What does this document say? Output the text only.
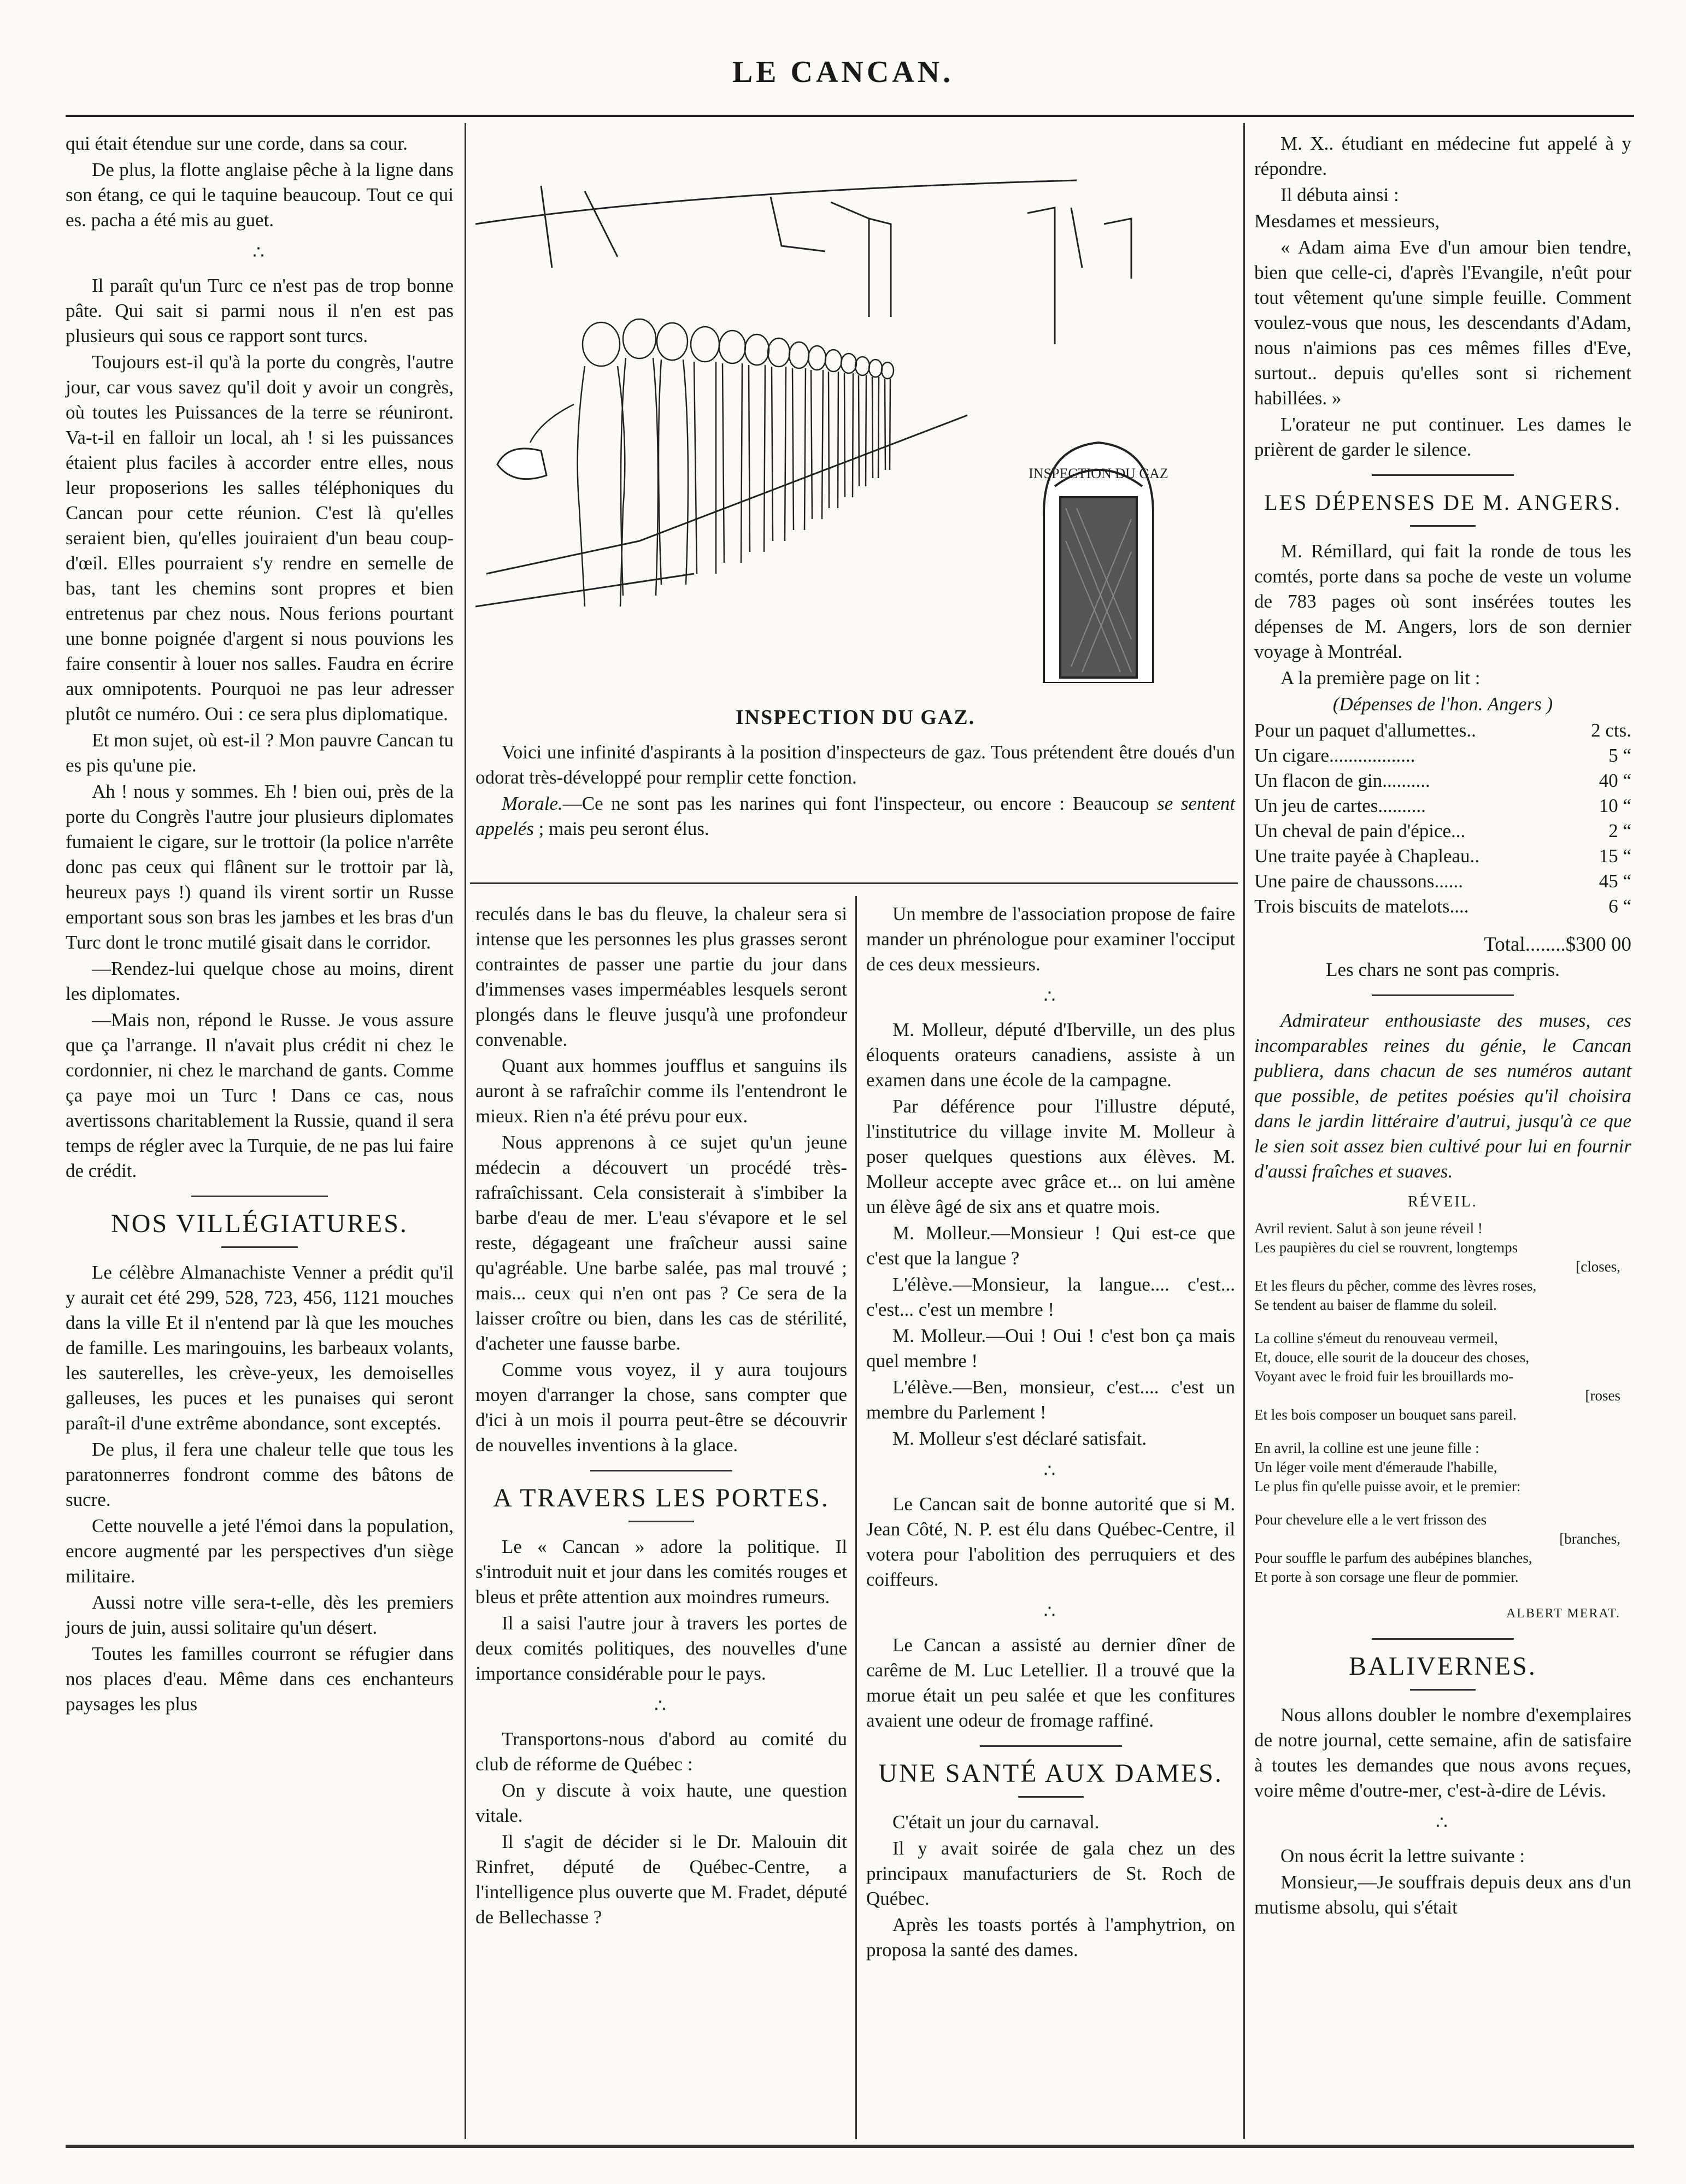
LE CANCAN.

qui était étendue sur une corde, dans sa cour.

De plus, la flotte anglaise pêche à la ligne dans son étang, ce qui le taquine beaucoup. Tout ce qui es. pacha a été mis au guet.

∴

Il paraît qu'un Turc ce n'est pas de trop bonne pâte. Qui sait si parmi nous il n'en est pas plusieurs qui sous ce rapport sont turcs.

Toujours est-il qu'à la porte du congrès, l'autre jour, car vous savez qu'il doit y avoir un congrès, où toutes les Puissances de la terre se réuniront. Va-t-il en falloir un local, ah ! si les puissances étaient plus faciles à accorder entre elles, nous leur proposerions les salles téléphoniques du Cancan pour cette réunion. C'est là qu'elles seraient bien, qu'elles jouiraient d'un beau coup-d'œil. Elles pourraient s'y rendre en semelle de bas, tant les chemins sont propres et bien entretenus par chez nous. Nous ferions pourtant une bonne poignée d'argent si nous pouvions les faire consentir à louer nos salles. Faudra en écrire aux omnipotents. Pourquoi ne pas leur adresser plutôt ce numéro. Oui : ce sera plus diplomatique.

Et mon sujet, où est-il ? Mon pauvre Cancan tu es pis qu'une pie.

Ah ! nous y sommes. Eh ! bien oui, près de la porte du Congrès l'autre jour plusieurs diplomates fumaient le cigare, sur le trottoir (la police n'arrête donc pas ceux qui flânent sur le trottoir par là, heureux pays !) quand ils virent sortir un Russe emportant sous son bras les jambes et les bras d'un Turc dont le tronc mutilé gisait dans le corridor.

—Rendez-lui quelque chose au moins, dirent les diplomates.

—Mais non, répond le Russe. Je vous assure que ça l'arrange. Il n'avait plus crédit ni chez le cordonnier, ni chez le marchand de gants. Comme ça paye moi un Turc ! Dans ce cas, nous avertissons charitablement la Russie, quand il sera temps de régler avec la Turquie, de ne pas lui faire de crédit.

NOS VILLÉGIATURES.

Le célèbre Almanachiste Venner a prédit qu'il y aurait cet été 299, 528, 723, 456, 1121 mouches dans la ville Et il n'entend par là que les mouches de famille. Les maringouins, les barbeaux volants, les sauterelles, les crève-yeux, les demoiselles galleuses, les puces et les punaises qui seront paraît-il d'une extrême abondance, sont exceptés.

De plus, il fera une chaleur telle que tous les paratonnerres fondront comme des bâtons de sucre.

Cette nouvelle a jeté l'émoi dans la population, encore augmenté par les perspectives d'un siège militaire.

Aussi notre ville sera-t-elle, dès les premiers jours de juin, aussi solitaire qu'un désert.

Toutes les familles courront se réfugier dans nos places d'eau. Même dans ces enchanteurs paysages les plus

INSPECTION DU GAZ
INSPECTION DU GAZ.

Voici une infinité d'aspirants à la position d'inspecteurs de gaz. Tous prétendent être doués d'un odorat très-développé pour remplir cette fonction.

Morale.—Ce ne sont pas les narines qui font l'inspecteur, ou encore : Beaucoup se sentent appelés ; mais peu seront élus.

reculés dans le bas du fleuve, la chaleur sera si intense que les personnes les plus grasses seront contraintes de passer une partie du jour dans d'immenses vases imperméables lesquels seront plongés dans le fleuve jusqu'à une profondeur convenable.

Quant aux hommes joufflus et sanguins ils auront à se rafraîchir comme ils l'entendront le mieux. Rien n'a été prévu pour eux.

Nous apprenons à ce sujet qu'un jeune médecin a découvert un procédé très-rafraîchissant. Cela consisterait à s'imbiber la barbe d'eau de mer. L'eau s'évapore et le sel reste, dégageant une fraîcheur aussi saine qu'agréable. Une barbe salée, pas mal trouvé ; mais... ceux qui n'en ont pas ? Ce sera de la laisser croître ou bien, dans les cas de stérilité, d'acheter une fausse barbe.

Comme vous voyez, il y aura toujours moyen d'arranger la chose, sans compter que d'ici à un mois il pourra peut-être se découvrir de nouvelles inventions à la glace.

A TRAVERS LES PORTES.

Le « Cancan » adore la politique. Il s'introduit nuit et jour dans les comités rouges et bleus et prête attention aux moindres rumeurs.

Il a saisi l'autre jour à travers les portes de deux comités politiques, des nouvelles d'une importance considérable pour le pays.

∴

Transportons-nous d'abord au comité du club de réforme de Québec :

On y discute à voix haute, une question vitale.

Il s'agit de décider si le Dr. Malouin dit Rinfret, député de Québec-Centre, a l'intelligence plus ouverte que M. Fradet, député de Bellechasse ?

Un membre de l'association propose de faire mander un phrénologue pour examiner l'occiput de ces deux messieurs.

∴

M. Molleur, député d'Iberville, un des plus éloquents orateurs canadiens, assiste à un examen dans une école de la campagne.

Par déférence pour l'illustre député, l'institutrice du village invite M. Molleur à poser quelques questions aux élèves. M. Molleur accepte avec grâce et... on lui amène un élève âgé de six ans et quatre mois.

M. Molleur.—Monsieur ! Qui est-ce que c'est que la langue ?

L'élève.—Monsieur, la langue.... c'est... c'est... c'est un membre !

M. Molleur.—Oui ! Oui ! c'est bon ça mais quel membre !

L'élève.—Ben, monsieur, c'est.... c'est un membre du Parlement !

M. Molleur s'est déclaré satisfait.

∴

Le Cancan sait de bonne autorité que si M. Jean Côté, N. P. est élu dans Québec-Centre, il votera pour l'abolition des perruquiers et des coiffeurs.

∴

Le Cancan a assisté au dernier dîner de carême de M. Luc Letellier. Il a trouvé que la morue était un peu salée et que les confitures avaient une odeur de fromage raffiné.

UNE SANTÉ AUX DAMES.

C'était un jour du carnaval.

Il y avait soirée de gala chez un des principaux manufacturiers de St. Roch de Québec.

Après les toasts portés à l'amphytrion, on proposa la santé des dames.

M. X.. étudiant en médecine fut appelé à y répondre.

Il débuta ainsi :

Mesdames et messieurs,

« Adam aima Eve d'un amour bien tendre, bien que celle-ci, d'après l'Evangile, n'eût pour tout vêtement qu'une simple feuille. Comment voulez-vous que nous, les descendants d'Adam, nous n'aimions pas ces mêmes filles d'Eve, surtout.. depuis qu'elles sont si richement habillées. »

L'orateur ne put continuer. Les dames le prièrent de garder le silence.

LES DÉPENSES DE M. ANGERS.

M. Rémillard, qui fait la ronde de tous les comtés, porte dans sa poche de veste un volume de 783 pages où sont insérées toutes les dépenses de M. Angers, lors de son dernier voyage à Montréal.

A la première page on lit :

(Dépenses de l'hon. Angers )

Pour un paquet d'allumettes..	2 cts.
Un cigare..................	5 “
Un flacon de gin..........	40 “
Un jeu de cartes..........	10 “
Un cheval de pain d'épice...	2 “
Une traite payée à Chapleau..	15 “
Une paire de chaussons......	45 “
Trois biscuits de matelots....	6 “
Total........$300 00

Les chars ne sont pas compris.

Admirateur enthousiaste des muses, ces incomparables reines du génie, le Cancan publiera, dans chacun de ses numéros autant que possible, de petites poésies qu'il choisira dans le jardin littéraire d'autrui, jusqu'à ce que le sien soit assez bien cultivé pour lui en fournir d'aussi fraîches et suaves.

RÉVEIL.

Avril revient. Salut à son jeune réveil !

Les paupières du ciel se rouvrent, longtemps

[closes,

Et les fleurs du pêcher, comme des lèvres roses,

Se tendent au baiser de flamme du soleil.

La colline s'émeut du renouveau vermeil,

Et, douce, elle sourit de la douceur des choses,

Voyant avec le froid fuir les brouillards mo-

[roses

Et les bois composer un bouquet sans pareil.

En avril, la colline est une jeune fille :

Un léger voile ment d'émeraude l'habille,

Le plus fin qu'elle puisse avoir, et le premier:

Pour chevelure elle a le vert frisson des

[branches,

Pour souffle le parfum des aubépines blanches,

Et porte à son corsage une fleur de pommier.

ALBERT MERAT.
BALIVERNES.

Nous allons doubler le nombre d'exemplaires de notre journal, cette semaine, afin de satisfaire à toutes les demandes que nous avons reçues, voire même d'outre-mer, c'est-à-dire de Lévis.

∴

On nous écrit la lettre suivante :

Monsieur,—Je souffrais depuis deux ans d'un mutisme absolu, qui s'était
